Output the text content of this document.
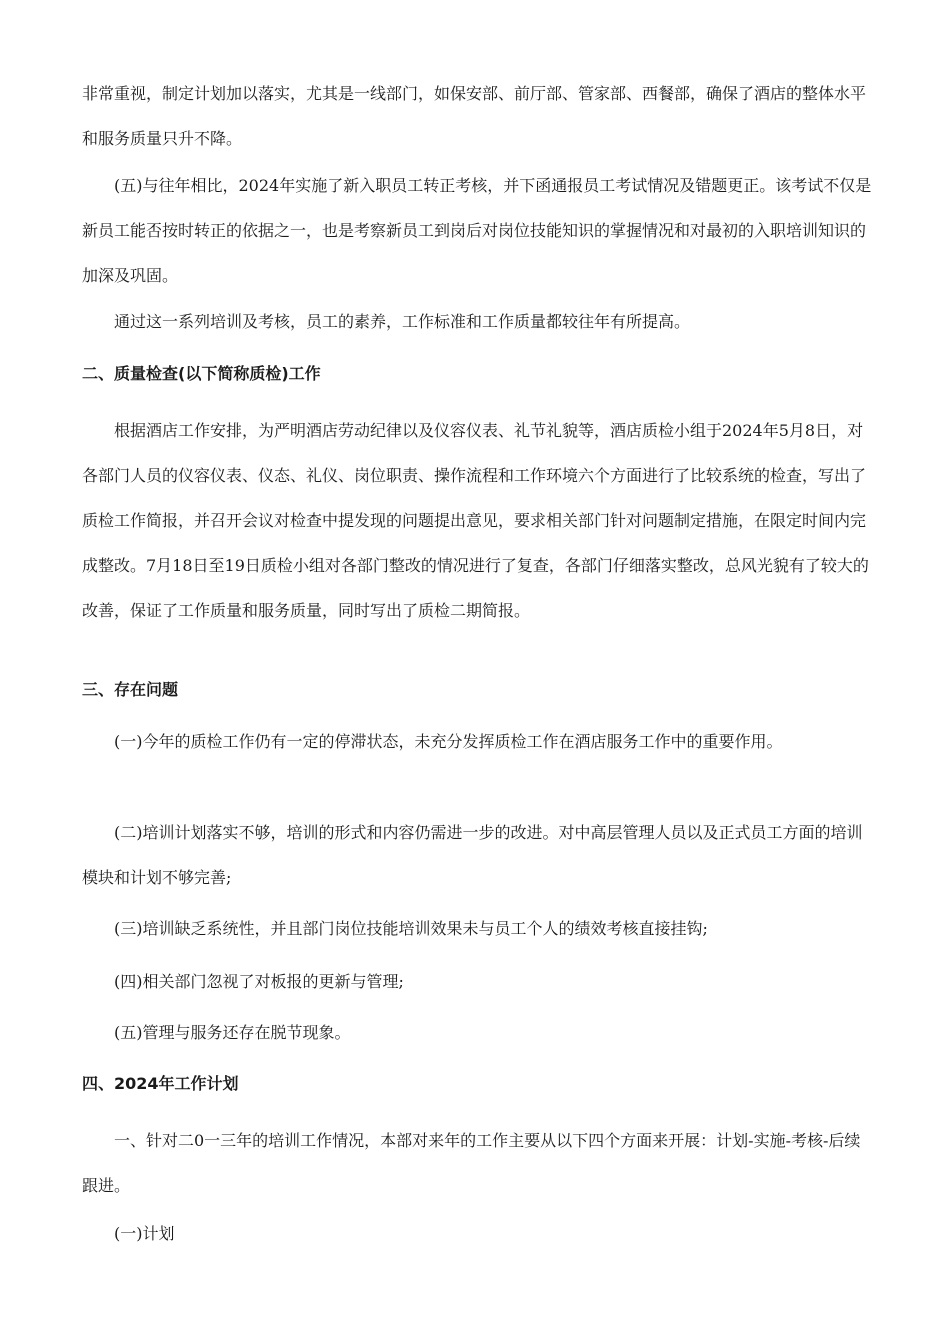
非常重视，制定计划加以落实，尤其是一线部门，如保安部、前厅部、管家部、西餐部，确保了酒店的整体水平和服务质量只升不降。

(五)与往年相比，2024年实施了新入职员工转正考核，并下函通报员工考试情况及错题更正。该考试不仅是新员工能否按时转正的依据之一，也是考察新员工到岗后对岗位技能知识的掌握情况和对最初的入职培训知识的加深及巩固。

通过这一系列培训及考核，员工的素养，工作标准和工作质量都较往年有所提高。

二、质量检查(以下简称质检)工作

根据酒店工作安排，为严明酒店劳动纪律以及仪容仪表、礼节礼貌等，酒店质检小组于2024年5月8日，对各部门人员的仪容仪表、仪态、礼仪、岗位职责、操作流程和工作环境六个方面进行了比较系统的检查，写出了质检工作简报，并召开会议对检查中提发现的问题提出意见，要求相关部门针对问题制定措施，在限定时间内完成整改。7月18日至19日质检小组对各部门整改的情况进行了复查，各部门仔细落实整改，总风光貌有了较大的改善，保证了工作质量和服务质量，同时写出了质检二期简报。

三、存在问题

(一)今年的质检工作仍有一定的停滞状态，未充分发挥质检工作在酒店服务工作中的重要作用。

(二)培训计划落实不够，培训的形式和内容仍需进一步的改进。对中高层管理人员以及正式员工方面的培训模块和计划不够完善;

(三)培训缺乏系统性，并且部门岗位技能培训效果未与员工个人的绩效考核直接挂钩;

(四)相关部门忽视了对板报的更新与管理;

(五)管理与服务还存在脱节现象。

四、2024年工作计划

一、针对二0一三年的培训工作情况，本部对来年的工作主要从以下四个方面来开展：计划-实施-考核-后续跟进。

(一)计划
